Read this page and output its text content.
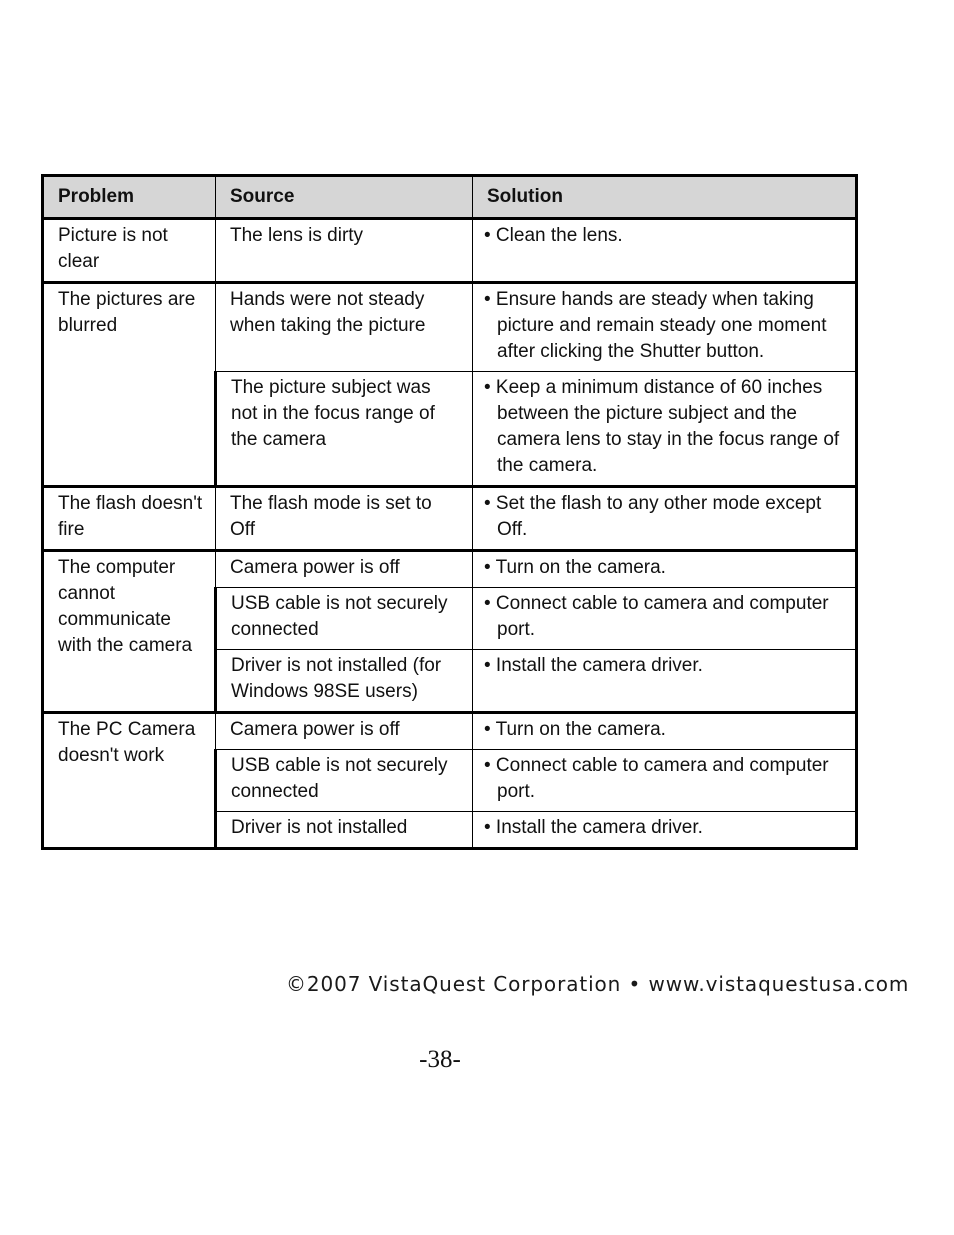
Problem	Source	Solution
Picture is not clear	The lens is dirty	• Clean the lens.
The pictures are blurred	Hands were not steady when taking the picture	• Ensure hands are steady when taking picture and remain steady one moment after clicking the Shutter button.
	The picture subject was not in the focus range of the camera	• Keep a minimum distance of 60 inches between the picture subject and the camera lens to stay in the focus range of the camera.
The flash doesn't fire	The flash mode is set to Off	• Set the flash to any other mode except Off.
The computer cannot communicate with the camera	Camera power is off	• Turn on the camera.
	USB cable is not securely connected	• Connect cable to camera and computer port.
	Driver is not installed (for Windows 98SE users)	• Install the camera driver.
The PC Camera doesn't work	Camera power is off	• Turn on the camera.
	USB cable is not securely connected	• Connect cable to camera and computer port.
	Driver is not installed	• Install the camera driver.
©2007 VistaQuest Corporation • www.vistaquestusa.com
-38-
